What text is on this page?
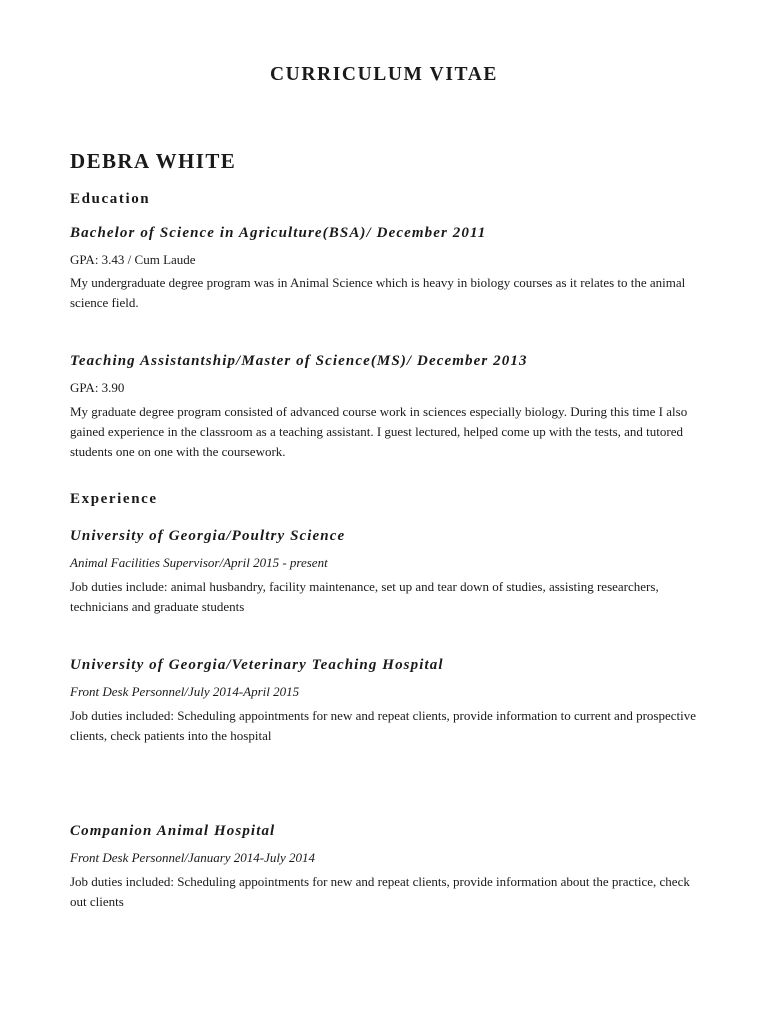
CURRICULUM VITAE
DEBRA WHITE
Education
Bachelor of Science in Agriculture(BSA)/ December 2011

GPA: 3.43 / Cum Laude

My undergraduate degree program was in Animal Science which is heavy in biology courses as it relates to the animal science field.

Teaching Assistantship/Master of Science(MS)/ December 2013

GPA: 3.90

My graduate degree program consisted of advanced course work in sciences especially biology. During this time I also gained experience in the classroom as a teaching assistant. I guest lectured, helped come up with the tests, and tutored students one on one with the coursework.

Experience
University of Georgia/Poultry Science

Animal Facilities Supervisor/April 2015 - present

Job duties include: animal husbandry, facility maintenance, set up and tear down of studies, assisting researchers, technicians and graduate students

University of Georgia/Veterinary Teaching Hospital

Front Desk Personnel/July 2014-April 2015

Job duties included: Scheduling appointments for new and repeat clients, provide information to current and prospective clients, check patients into the hospital

Companion Animal Hospital

Front Desk Personnel/January 2014-July 2014

Job duties included: Scheduling appointments for new and repeat clients, provide information about the practice, check out clients
